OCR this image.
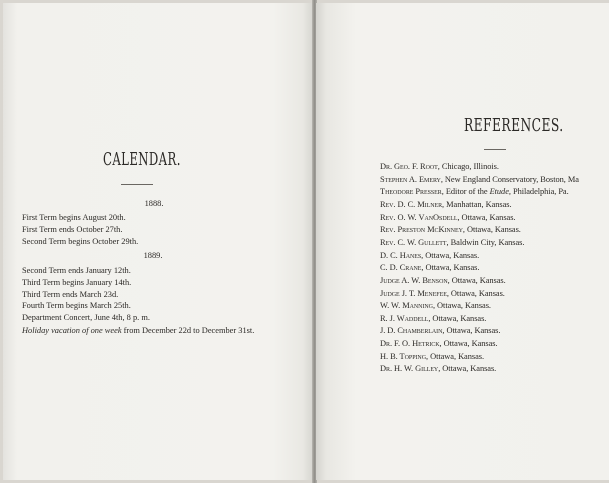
CALENDAR.
1888.
First Term begins August 20th.
First Term ends October 27th.
Second Term begins October 29th.
1889.
Second Term ends January 12th.
Third Term begins January 14th.
Third Term ends March 23d.
Fourth Term begins March 25th.
Department Concert, June 4th, 8 p. m.
Holiday vacation of one week from December 22d to December 31st.
REFERENCES.
Dr. Geo. F. Root, Chicago, Illinois.
Stephen A. Emery, New England Conservatory, Boston, Ma
Theodore Presser, Editor of the Etude, Philadelphia, Pa.
Rev. D. C. Milner, Manhattan, Kansas.
Rev. O. W. VanOsdell, Ottawa, Kansas.
Rev. Preston McKinney, Ottawa, Kansas.
Rev. C. W. Gullett, Baldwin City, Kansas.
D. C. Hanes, Ottawa, Kansas.
C. D. Crane, Ottawa, Kansas.
Judge A. W. Benson, Ottawa, Kansas.
Judge J. T. Menefee, Ottawa, Kansas.
W. W. Manning, Ottawa, Kansas.
R. J. Waddell, Ottawa, Kansas.
J. D. Chamberlain, Ottawa, Kansas.
Dr. F. O. Hetrick, Ottawa, Kansas.
H. B. Topping, Ottawa, Kansas.
Dr. H. W. Gilley, Ottawa, Kansas.
